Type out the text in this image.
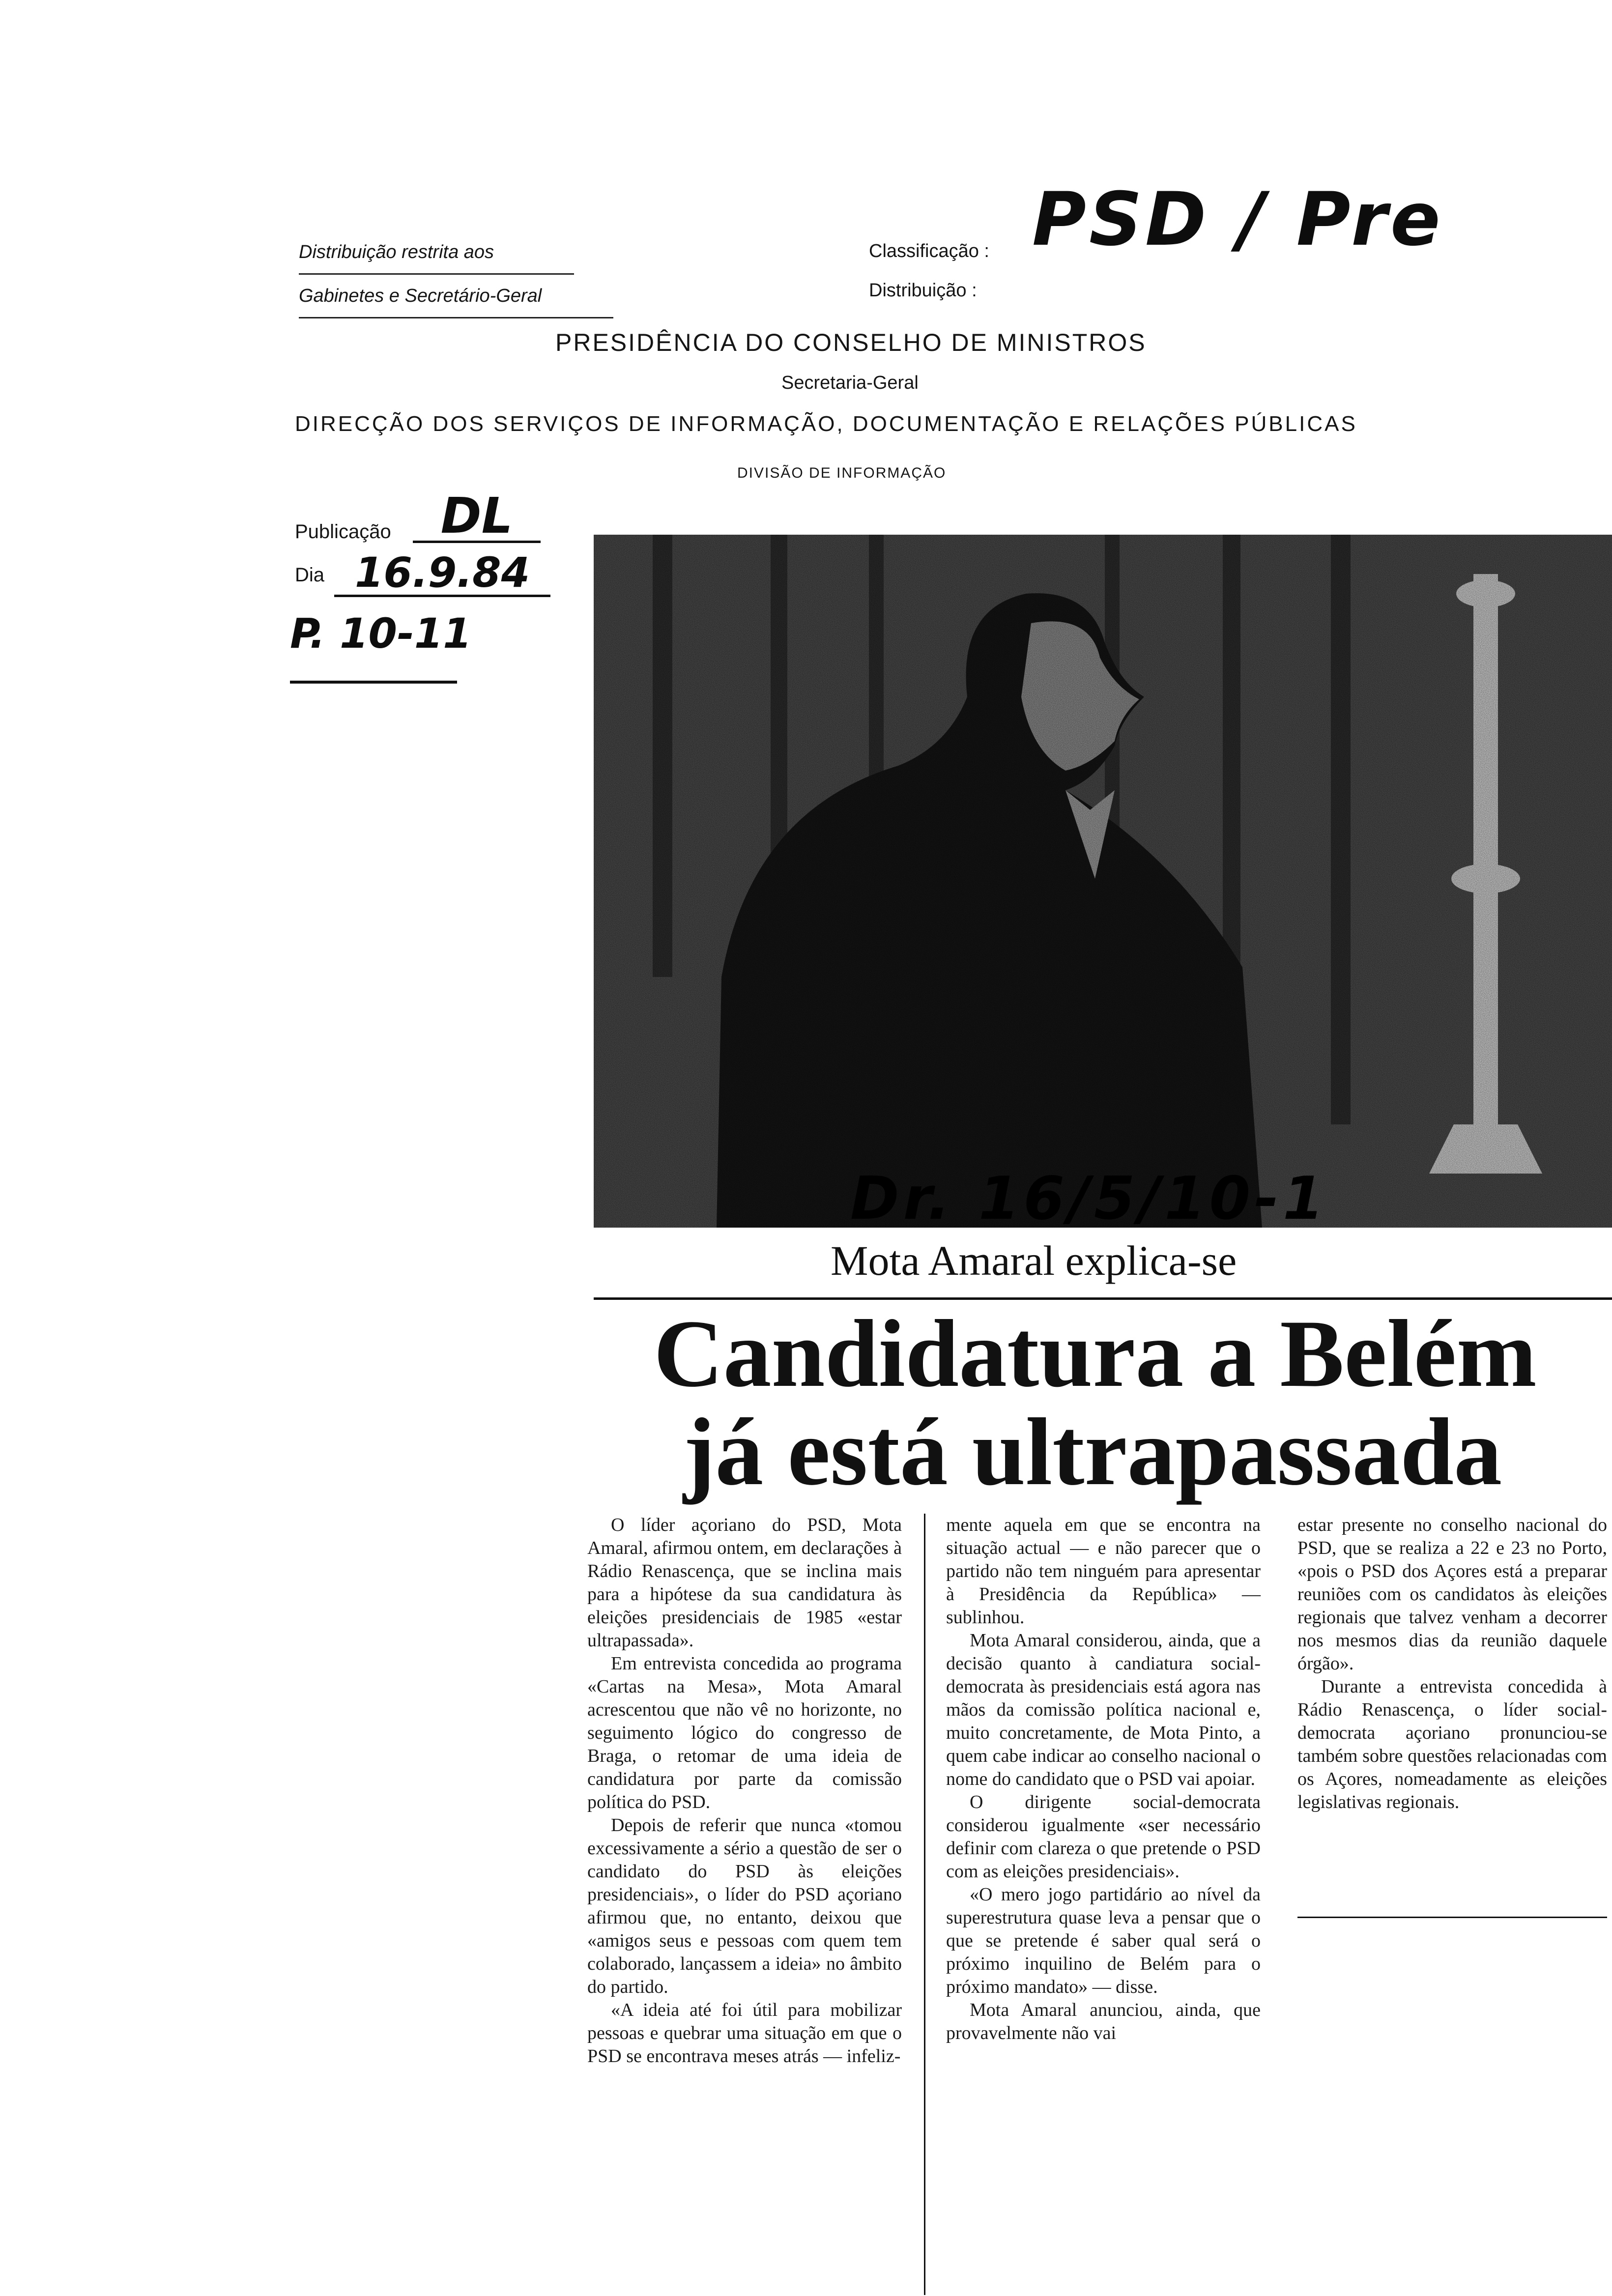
Distribuição restrita aos
Gabinetes e Secretário-Geral
Classificação :
Distribuição :
PSD / Pre
PRESIDÊNCIA DO CONSELHO DE MINISTROS
Secretaria-Geral
DIRECÇÃO DOS SERVIÇOS DE INFORMAÇÃO, DOCUMENTAÇÃO E RELAÇÕES PÚBLICAS
DIVISÃO DE INFORMAÇÃO
Publicação	DL
Dia 16.9.84
P. 10-11
Dr. 16/5/10-1
Mota Amaral explica-se
Candidatura a Belém
já está ultrapassada

O líder açoriano do PSD, Mota Amaral, afirmou ontem, em declarações à Rádio Renascença, que se inclina mais para a hipótese da sua candidatura às eleições presidenciais de 1985 «estar ultrapassada».

Em entrevista concedida ao programa «Cartas na Mesa», Mota Amaral acrescentou que não vê no horizonte, no seguimento lógico do congresso de Braga, o retomar de uma ideia de candidatura por parte da comissão política do PSD.

Depois de referir que nunca «tomou excessivamente a sério a questão de ser o candidato do PSD às eleições presidenciais», o líder do PSD açoriano afirmou que, no entanto, deixou que «amigos seus e pessoas com quem tem colaborado, lançassem a ideia» no âmbito do partido.

«A ideia até foi útil para mobilizar pessoas e quebrar uma situação em que o PSD se encontrava meses atrás — infeliz-

mente aquela em que se encontra na situação actual — e não parecer que o partido não tem ninguém para apresentar à Presidência da República» — sublinhou.

Mota Amaral considerou, ainda, que a decisão quanto à candiatura social-democrata às presidenciais está agora nas mãos da comissão política nacional e, muito concretamente, de Mota Pinto, a quem cabe indicar ao conselho nacional o nome do candidato que o PSD vai apoiar.

O dirigente social-democrata considerou igualmente «ser necessário definir com clareza o que pretende o PSD com as eleições presidenciais».

«O mero jogo partidário ao nível da superestrutura quase leva a pensar que o que se pretende é saber qual será o próximo inquilino de Belém para o próximo mandato» — disse.

Mota Amaral anunciou, ainda, que provavelmente não vai

estar presente no conselho nacional do PSD, que se realiza a 22 e 23 no Porto, «pois o PSD dos Açores está a preparar reuniões com os candidatos às eleições regionais que talvez venham a decorrer nos mesmos dias da reunião daquele órgão».

Durante a entrevista concedida à Rádio Renascença, o líder social-democrata açoriano pronunciou-se também sobre questões relacionadas com os Açores, nomeadamente as eleições legislativas regionais.
